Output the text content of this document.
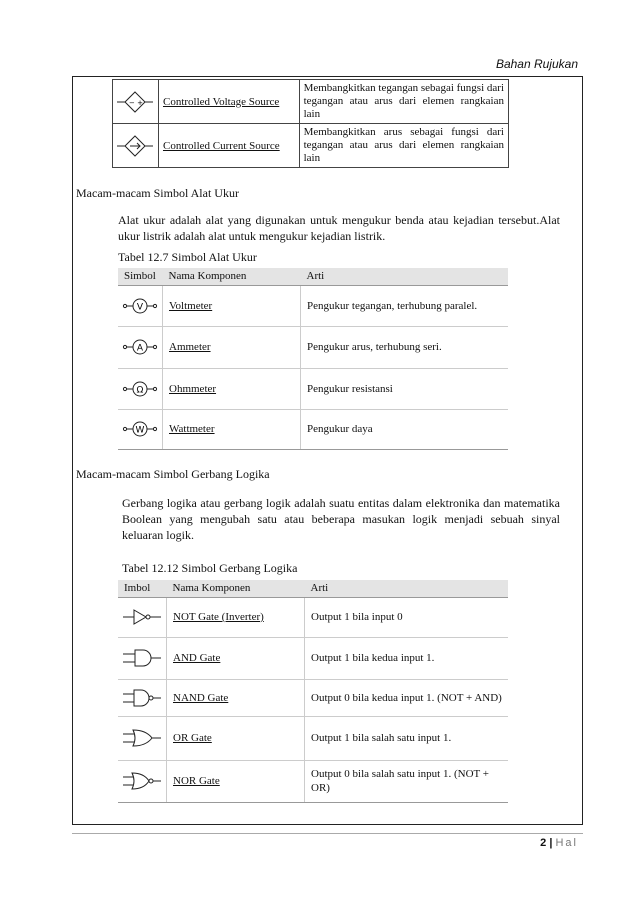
Bahan Rujukan
− +	Controlled Voltage Source	Membangkitkan tegangan sebagai fungsi dari tegangan atau arus dari elemen rangkaian lain

	Controlled Current Source	Membangkitkan arus sebagai fungsi dari tegangan atau arus dari elemen rangkaian lain
Macam-macam Simbol Alat Ukur
Alat ukur adalah alat yang digunakan untuk mengukur benda atau kejadian tersebut.Alat ukur listrik adalah alat untuk mengukur kejadian listrik.
Tabel 12.7 Simbol Alat Ukur
Simbol	Nama Komponen	Arti

V	Voltmeter	Pengukur tegangan, terhubung paralel.

A	Ammeter	Pengukur arus, terhubung seri.

Ω	Ohmmeter	Pengukur resistansi

W	Wattmeter	Pengukur daya
Macam-macam Simbol Gerbang Logika
Gerbang logika atau gerbang logik adalah suatu entitas dalam elektronika dan matematika Boolean yang mengubah satu atau beberapa masukan logik menjadi sebuah sinyal keluaran logik.
Tabel 12.12 Simbol Gerbang Logika
Imbol	Nama Komponen	Arti

	NOT Gate (Inverter)	Output 1 bila input 0

	AND Gate	Output 1 bila kedua input 1.

	NAND Gate	Output 0 bila kedua input 1. (NOT + AND)

	OR Gate	Output 1 bila salah satu input 1.

	NOR Gate	Output 0 bila salah satu input 1. (NOT + OR)
2 | Hal
